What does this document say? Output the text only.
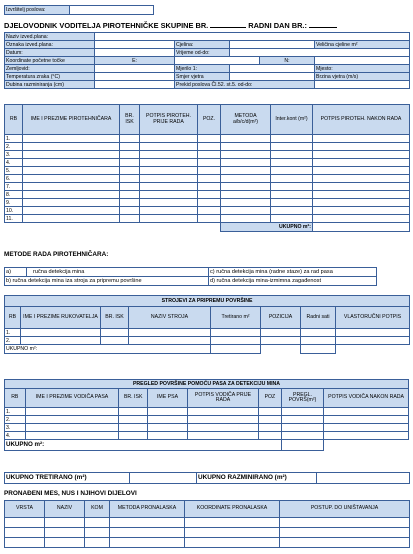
Izvršitelj poslova:	
DJELOVODNIK VODITELJA PIROTEHNIČKE SKUPINE BR.	RADNI DAN BR.:
Naziv izved.plana:					
Oznaka izved.plana:		Cjelina:			Veličina cjeline m²
Datum:		Vrijeme od-do:			
Koordinate početne točke	E:			N:	
Zemljovid:		Mjerilo 1:			Mjesto:
Temperatura zraka (°C)		Smjer vjetra			Brzina vjetra (m/s)
Dubina razminiranja (cm)		Prekid poslova Čl.52. st.5. od-do:			
RB	IME I PREZIME PIROTEHNIČARA	BR. ISK	POTPIS PIROTEH. PRIJE RADA	POZ.	METODA a/b/c/d(m²)	Inter.kont (m²)	POTPIS PIROTEH. NAKON RADA
1.							
2.							
3.							
4.							
5.							
6.							
7.							
8.							
9.							
10.							
11.							
					UKUPNO m²:		
METODE RADA PIROTEHNIČARA:
a)	ručna detekcija mina	c) ručna detekcija mina (radne staze) za rad pasa
b) ručna detekcija mina iza stroja za pripremu površine		d) ručna detekcija mina-izmimna zagađenost
STROJEVI ZA PRIPREMU POVRŠINE							
RB	IME I PREZIME RUKOVATELJA	BR. ISK	NAZIV STROJA	Tretirano m²	POZICIJA	Radni sati	VLASTORUČNI POTPIS
1.							
2.							
UKUPNO m²:							
PREGLED POVRŠINE POMOĆU PASA ZA DETEKCIJU MINA							
RB	IME I PREZIME VODIČA PASA	BR. ISK	IME PSA	POTPIS VODIČA PRIJE RADA	POZ	PREGL. POVRŠ(m²)	POTPIS VODIČA NAKON RADA
1.							
2.							
3.							
4.							
UKUPNO m²:							
UKUPNO TRETIRANO (m²)		UKUPNO RAZMINIRANO (m²)	
PRONAĐENI MES, NUS I NJIHOVI DIJELOVI
VRSTA	NAZIV	KOM	METODA PRONALASKA	KOORDINATE PRONALASKA	POSTUP. DO UNIŠTAVANJA
